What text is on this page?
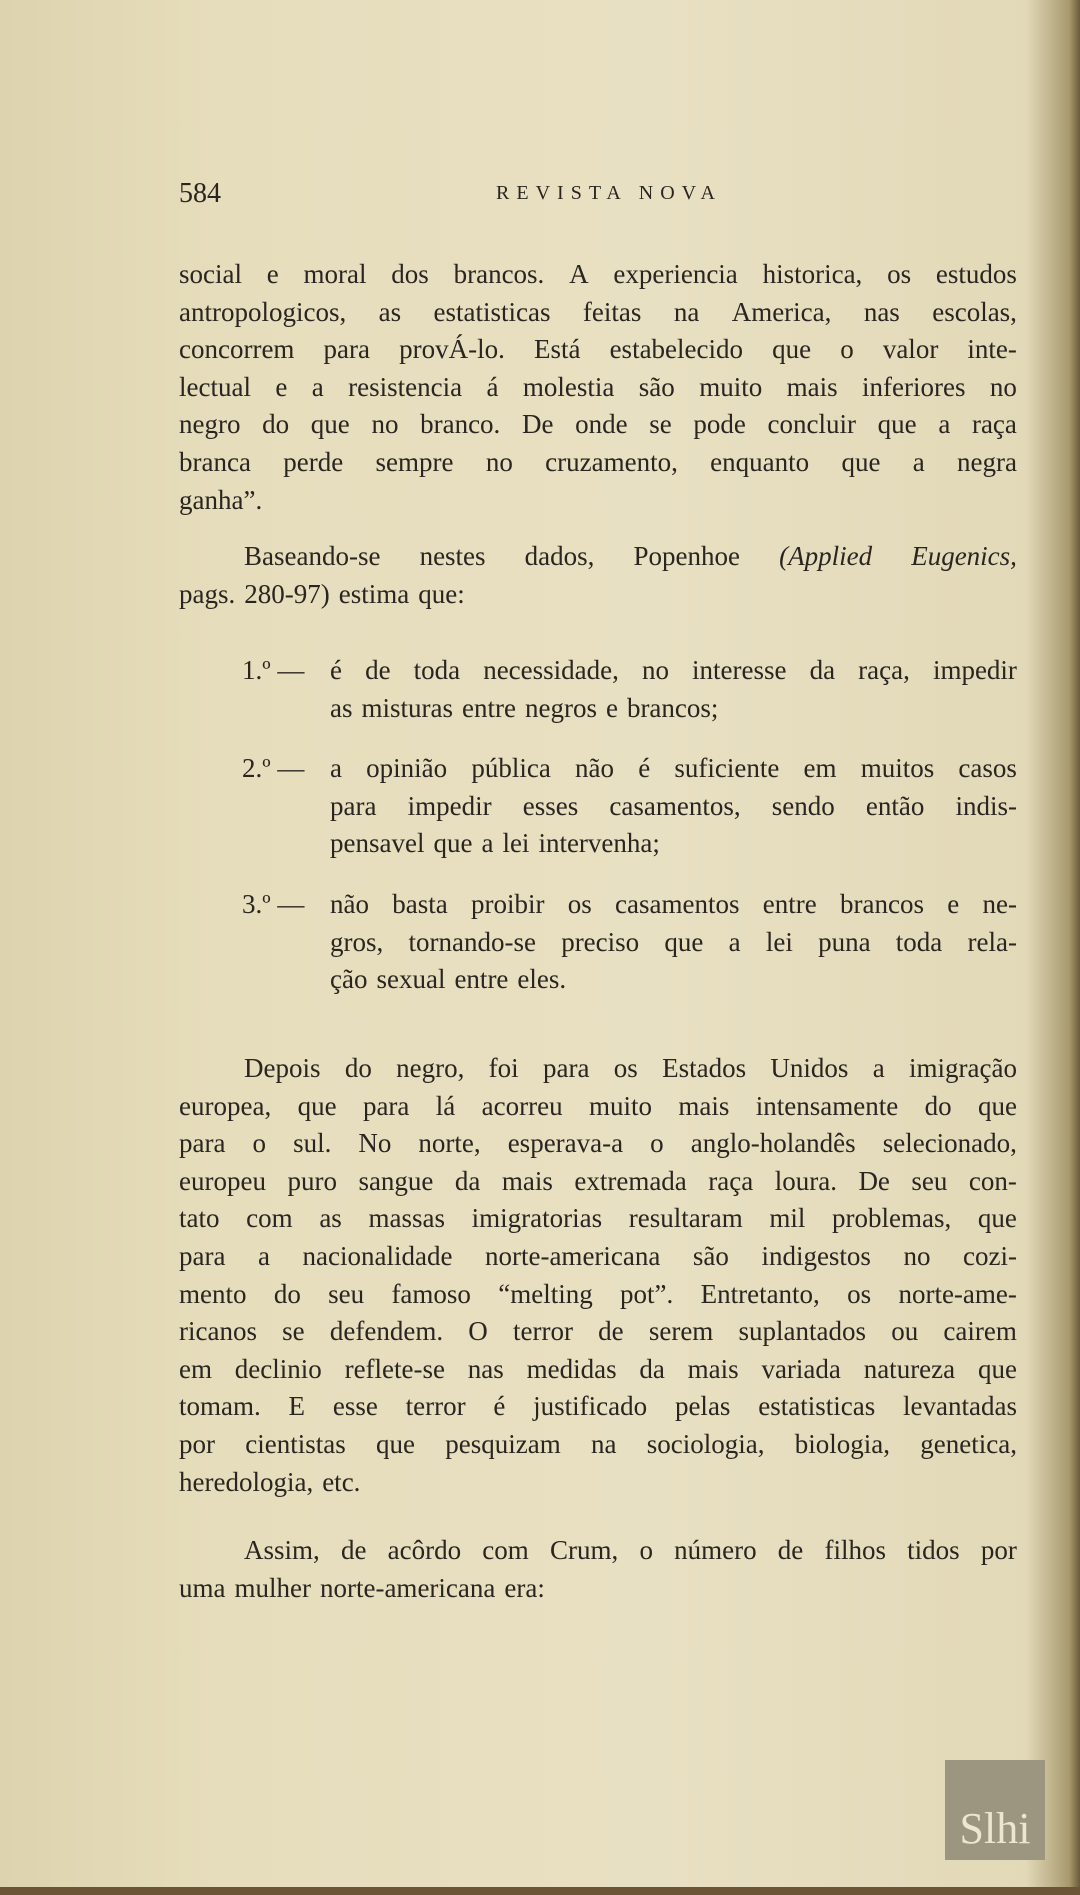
584	REVISTA NOVA
social e moral dos brancos. A experiencia historica, os estudos
antropologicos, as estatisticas feitas na America, nas escolas,
concorrem para provÁ-lo. Está estabelecido que o valor inte-
lectual e a resistencia á molestia são muito mais inferiores no
negro do que no branco. De onde se pode concluir que a raça
branca perde sempre no cruzamento, enquanto que a negra
ganha”.
Baseando-se nestes dados, Popenhoe (Applied Eugenics,
pags. 280-97) estima que:
1.º — é de toda necessidade, no interesse da raça, impedir
as misturas entre negros e brancos;
2.º — a opinião pública não é suficiente em muitos casos
para impedir esses casamentos, sendo então indis-
pensavel que a lei intervenha;
3.º — não basta proibir os casamentos entre brancos e ne-
gros, tornando-se preciso que a lei puna toda rela-
ção sexual entre eles.
Depois do negro, foi para os Estados Unidos a imigração
europea, que para lá acorreu muito mais intensamente do que
para o sul. No norte, esperava-a o anglo-holandês selecionado,
europeu puro sangue da mais extremada raça loura. De seu con-
tato com as massas imigratorias resultaram mil problemas, que
para a nacionalidade norte-americana são indigestos no cozi-
mento do seu famoso “melting pot”. Entretanto, os norte-ame-
ricanos se defendem. O terror de serem suplantados ou cairem
em declinio reflete-se nas medidas da mais variada natureza que
tomam. E esse terror é justificado pelas estatisticas levantadas
por cientistas que pesquizam na sociologia, biologia, genetica,
heredologia, etc.
Assim, de acôrdo com Crum, o número de filhos tidos por
uma mulher norte-americana era:
Slhi
